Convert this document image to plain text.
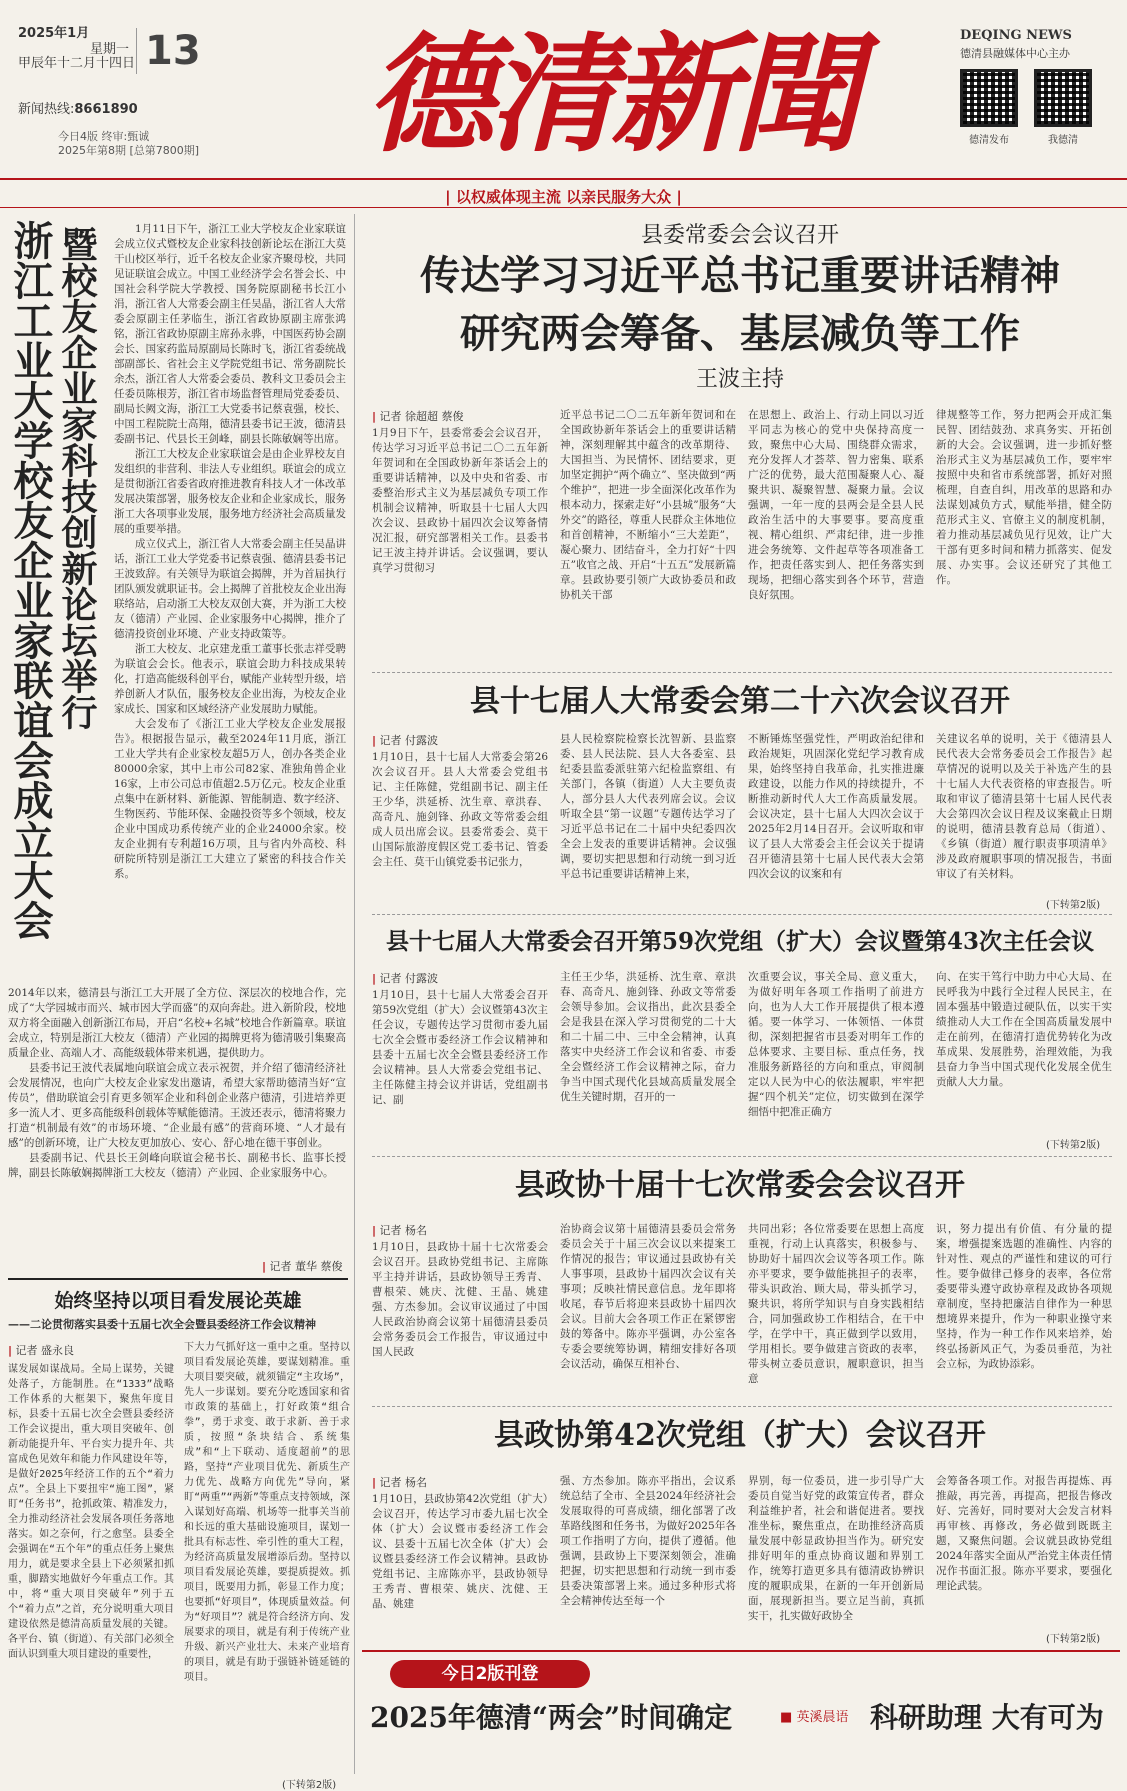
2025年1月
星期一
甲辰年十二月十四日 13
新闻热线:8661890
今日4版 终审:甄诚
2025年第8期 [总第7800期]	德清新聞	DEQING NEWS
德清县融媒体中心主办
德清发布	我德清
| 以权威体现主流 以亲民服务大众 |
浙江工业大学校友企业家联谊会成立大会 暨校友企业家科技创新论坛举行	1月11日下午，浙江工业大学校友企业家联谊会成立仪式暨校友企业家科技创新论坛在浙江大莫干山校区举行，近千名校友企业家齐聚母校，共同见证联谊会成立。中国工业经济学会名誉会长、中国社会科学院大学教授、国务院原副秘书长江小涓，浙江省人大常委会副主任吴晶，浙江省人大常委会原副主任茅临生，浙江省政协原副主席张鸿铭，浙江省政协原副主席孙永骅，中国医药协会副会长、国家药监局原副局长陈时飞，浙江省委统战部副部长、省社会主义学院党组书记、常务副院长余杰，浙江省人大常委会委员、教科文卫委员会主任委员陈根芳，浙江省市场监督管理局党委委员、副局长阙文海，浙江工大党委书记蔡袁强，校长、中国工程院院士高翔，德清县委书记王波，德清县委副书记、代县长王剑峰，副县长陈敏娴等出席。

浙江工大校友企业家联谊会是由企业界校友自发组织的非营利、非法人专业组织。联谊会的成立是贯彻浙江省委省政府推进教育科技人才一体改革发展决策部署，服务校友企业和企业家成长，服务浙工大各项事业发展，服务地方经济社会高质量发展的重要举措。

成立仪式上，浙江省人大常委会副主任吴晶讲话，浙江工业大学党委书记蔡袁强、德清县委书记王波致辞。有关领导为联谊会揭牌，并为首届执行团队颁发就职证书。会上揭牌了首批校友企业出海联络站，启动浙工大校友双创大赛，并为浙工大校友（德清）产业园、企业家服务中心揭牌，推介了德清投资创业环境、产业支持政策等。

浙工大校友、北京建龙重工董事长张志祥受聘为联谊会会长。他表示，联谊会助力科技成果转化，打造高能级科创平台，赋能产业转型升级，培养创新人才队伍，服务校友企业出海，为校友企业家成长、国家和区域经济产业发展助力赋能。

大会发布了《浙江工业大学校友企业发展报告》。根据报告显示，截至2024年11月底，浙江工业大学共有企业家校友超5万人，创办各类企业80000余家，其中上市公司82家、准独角兽企业16家，上市公司总市值超2.5万亿元。校友企业重点集中在新材料、新能源、智能制造、数字经济、生物医药、节能环保、金融投资等多个领域，校友企业中国成功系传统产业的企业24000余家。校友企业拥有专利超16万项，且与省内外高校、科研院所特别是浙江工大建立了紧密的科技合作关系。

2014年以来，德清县与浙江工大开展了全方位、深层次的校地合作，完成了“大学园城市而兴、城市因大学而盛”的双向奔赴。进入新阶段，校地双方将全面融入创新浙江布局，开启“名校+名城”校地合作新篇章。联谊会成立，特别是浙江大校友（德清）产业园的揭牌更将为德清吸引集聚高质量企业、高端人才、高能级载体带来机遇，提供助力。

县委书记王波代表属地向联谊会成立表示祝贺，并介绍了德清经济社会发展情况，也向广大校友企业家发出邀请，希望大家帮助德清当好“宣传员”，借助联谊会引育更多领军企业和科创企业落户德清，引进培养更多一流人才、更多高能级科创载体等赋能德清。王波还表示，德清将聚力打造“机制最有效”的市场环境、“企业最有感”的营商环境、“人才最有感”的创新环境，让广大校友更加放心、安心、舒心地在德干事创业。

县委副书记、代县长王剑峰向联谊会秘书长、副秘书长、监事长授牌，副县长陈敏娴揭牌浙工大校友（德清）产业园、企业家服务中心。

| 记者 董华 蔡俊
始终坚持以项目看发展论英雄
——二论贯彻落实县委十五届七次全会暨县委经济工作会议精神
| 记者 盛永良
谋发展如谋战局。全局上谋势，关键处落子，方能制胜。在“1333”战略工作体系的大框架下，聚焦年度目标，县委十五届七次全会暨县委经济工作会议提出，重大项目突破年、创新动能提升年、平台实力提升年、共富成色见效年和能力作风建设年等，是做好2025年经济工作的五个“着力点”。全县上下要扭牢“施工图”，紧盯“任务书”，抢抓政策、精准发力，全力推动经济社会发展各项任务落地落实。如之奈何，行之愈坚。县委全会强调在“五个年”的重点任务上聚焦用力，就是要求全县上下必须紧扣抓重，脚踏实地做好今年重点工作。其中，将“重大项目突破年”列于五个“着力点”之首，充分说明重大项目建设依然是德清高质量发展的关键。各平台、镇（街道）、有关部门必须全面认识到重大项目建设的重要性，
下大力气抓好这一重中之重。坚持以项目看发展论英雄，要谋划精准。重大项目要突破，就须锚定“主攻场”，先人一步谋划。要充分吃透国家和省市政策的基础上，打好政策“组合拳”，勇于求变、敢于求新、善于求质，按照“条块结合、系统集成”和“上下联动、适度超前”的思路，坚持“产业项目优先、新质生产力优先、战略方向优先”导向，紧盯“两重”“两新”等重点支持领域，深入谋划好高端、机场等一批事关当前和长远的重大基础设施项目，谋划一批具有标志性、牵引性的重大工程，为经济高质量发展增添后劲。坚持以项目看发展论英雄，要提质提效。抓项目，既要用力抓，彰显工作力度；也要抓“好项目”，体现质量效益。何为“好项目”？就是符合经济方向、发展要求的项目，就是有利于传统产业升级、新兴产业壮大、未来产业培育的项目，就是有助于强链补链延链的项目。
(下转第2版)
县委常委会会议召开
传达学习习近平总书记重要讲话精神
研究两会筹备、基层减负等工作
王波主持
| 记者 徐超超 蔡俊
1月9日下午，县委常委会会议召开，传达学习习近平总书记二〇二五年新年贺词和在全国政协新年茶话会上的重要讲话精神，以及中央和省委、市委整治形式主义为基层减负专项工作机制会议精神，听取县十七届人大四次会议、县政协十届四次会议筹备情况汇报，研究部署相关工作。县委书记王波主持并讲话。会议强调，要认真学习贯彻习
近平总书记二〇二五年新年贺词和在全国政协新年茶话会上的重要讲话精神，深刻理解其中蕴含的改革期待、大国担当、为民情怀、团结要求，更加坚定拥护“两个确立”、坚决做到“两个维护”，把进一步全面深化改革作为根本动力，探索走好“小县城”服务“大外交”的路径，尊重人民群众主体地位和首创精神，不断缩小“三大差距”，凝心聚力、团结奋斗，全力打好“十四五”收官之战、开启“十五五”发展新篇章。县政协要引领广大政协委员和政协机关干部
在思想上、政治上、行动上同以习近平同志为核心的党中央保持高度一致，聚焦中心大局、围绕群众需求，充分发挥人才荟萃、智力密集、联系广泛的优势，最大范围凝聚人心、凝聚共识、凝聚智慧、凝聚力量。会议强调，一年一度的县两会是全县人民政治生活中的大事要事。要高度重视、精心组织、严肃纪律，进一步推进会务统筹、文件起草等各项准备工作，把责任落实到人、把任务落实到现场，把细心落实到各个环节，营造良好氛围。
律规整等工作，努力把两会开成汇集民智、团结鼓劲、求真务实、开拓创新的大会。会议强调，进一步抓好整治形式主义为基层减负工作，要牢牢按照中央和省市系统部署，抓好对照梳理，自查自纠，用改革的思路和办法谋划减负方式，赋能举措，健全防范形式主义、官僚主义的制度机制，着力推动基层减负见行见效，让广大干部有更多时间和精力抓落实、促发展、办实事。会议还研究了其他工作。
县十七届人大常委会第二十六次会议召开
| 记者 付露波
1月10日，县十七届人大常委会第26次会议召开。县人大常委会党组书记、主任陈健，党组副书记、副主任王少华，洪延桥、沈生章、章洪春、高奇凡、施剑锋、孙政文等常委会组成人员出席会议。县委常委会、莫干山国际旅游度假区党工委书记、管委会主任、莫干山镇党委书记张力，
县人民检察院检察长沈智新、县监察委、县人民法院、县人大各委室、县纪委县监委派驻第六纪检监察组、有关部门，各镇（街道）人大主要负责人，部分县人大代表列席会议。会议听取全县“第一议题”专题传达学习了习近平总书记在二十届中央纪委四次全会上发表的重要讲话精神。会议强调，要切实把思想和行动统一到习近平总书记重要讲话精神上来，
不断锤炼坚强党性，严明政治纪律和政治规矩，巩固深化党纪学习教育成果，始终坚持自我革命，扎实推进廉政建设，以能力作风的持续提升，不断推动新时代人大工作高质量发展。会议决定，县十七届人大四次会议于2025年2月14日召开。会议听取和审议了县人大常委会主任会议关于提请召开德清县第十七届人民代表大会第四次会议的议案和有
关建议名单的说明，关于《德清县人民代表大会常务委员会工作报告》起草情况的说明以及关于补选产生的县十七届人大代表资格的审查报告。听取和审议了德清县第十七届人民代表大会第四次会议日程及议案截止日期的说明，德清县教育总局（街道）、《乡镇（街道）履行职责事项清单》涉及政府履职事项的情况报告，书面审议了有关材料。
(下转第2版)
县十七届人大常委会召开第59次党组（扩大）会议暨第43次主任会议
| 记者 付露波
1月10日，县十七届人大常委会召开第59次党组（扩大）会议暨第43次主任会议，专题传达学习贯彻市委九届七次全会暨市委经济工作会议精神和县委十五届七次全会暨县委经济工作会议精神。县人大常委会党组书记、主任陈健主持会议并讲话，党组副书记、副
主任王少华，洪延桥、沈生章、章洪春、高奇凡、施剑锋、孙政文等常委会领导参加。会议指出，此次县委全会是我县在深入学习贯彻党的二十大和二十届二中、三中全会精神，认真落实中央经济工作会议和省委、市委全会暨经济工作会议精神之际，奋力争当中国式现代化县域高质量发展全优生关键时期，召开的一
次重要会议，事关全局、意义重大，为做好明年各项工作指明了前进方向，也为人大工作开展提供了根本遵循。要一体学习、一体领悟、一体贯彻，深刻把握省市县委对明年工作的总体要求、主要目标、重点任务，找准服务新路径的方向和重点，审阅制定以人民为中心的依法履职，牢牢把握“四个机关”定位，切实做到在深学细悟中把准正确方
向、在实干笃行中助力中心大局、在民呼我为中践行全过程人民民主，在固本强基中锻造过硬队伍，以实干实绩推动人大工作在全国高质量发展中走在前列，在德清打造优势转化为改革成果、发展胜势，治理效能，为我县奋力争当中国式现代化发展全优生贡献人大力量。
(下转第2版)
县政协十届十七次常委会会议召开
| 记者 杨名
1月10日，县政协十届十七次常委会会议召开。县政协党组书记、主席陈平主持并讲话，县政协领导王秀青、曹根荣、姚庆、沈健、王晶、姚建强、方杰参加。会议审议通过了中国人民政治协商会议第十届德清县委员会常务委员会工作报告，审议通过中国人民政
治协商会议第十届德清县委员会常务委员会关于十届三次会议以来提案工作情况的报告；审议通过县政协有关人事事项，县政协十届四次会议有关事项；反映社情民意信息。龙年即将收尾，春节后将迎来县政协十届四次会议。目前大会各项工作正在紧锣密鼓的筹备中。陈亦平强调，办公室各专委会要统筹协调，精细安排好各项会议活动，确保互相补台、
共同出彩；各位常委要在思想上高度重视，行动上认真落实，积极参与、协助好十届四次会议等各项工作。陈亦平要求，要争做能挑担子的表率，带头识政治、顾大局，带头抓学习，聚共识，将所学知识与自身实践相结合，同加强政协工作相结合，在干中学，在学中干，真正做到学以致用，学用相长。要争做建言资政的表率，带头树立委员意识，履职意识，担当意
识，努力提出有价值、有分量的提案，增强提案选题的准确性、内容的针对性、观点的严谨性和建议的可行性。要争做律己修身的表率，各位常委要带头遵守政协章程及政协各项规章制度，坚持把廉洁自律作为一种思想境界来提升，作为一种职业操守来坚持，作为一种工作作风来培养，始终弘扬新风正气，为委员垂范，为社会立标，为政协添彩。
县政协第42次党组（扩大）会议召开
| 记者 杨名
1月10日，县政协第42次党组（扩大）会议召开，传达学习市委九届七次全体（扩大）会议暨市委经济工作会议、县委十五届七次全体（扩大）会议暨县委经济工作会议精神。县政协党组书记、主席陈亦平，县政协领导王秀青、曹根荣、姚庆、沈健、王晶、姚建
强、方杰参加。陈亦平指出，会议系统总结了全市、全县2024年经济社会发展取得的可喜成绩，细化部署了改革路线图和任务书，为做好2025年各项工作指明了方向，提供了遵循。他强调，县政协上下要深刻领会，准确把握，切实把思想和行动统一到市委县委决策部署上来。通过多种形式将全会精神传达至每一个
界别，每一位委员，进一步引导广大委员自觉当好党的政策宣传者，群众利益维护者，社会和谐促进者。要找准坐标，聚焦重点，在助推经济高质量发展中彰显政协担当作为。研究安排好明年的重点协商议题和界别工作，统筹打造更多具有德清政协辨识度的履职成果，在新的一年开创新局面，展现新担当。要立足当前，真抓实干，扎实做好政协全
会筹备各项工作。对报告再提炼、再推敲，再完善，再提高，把报告修改好、完善好，同时要对大会发言材料再审核、再修改，务必做到既既主题，又聚焦问题。会议就县政协党组2024年落实全面从严治党主体责任情况作书面汇报。陈亦平要求，要强化理论武装。
(下转第2版)
今日2版刊登
2025年德清“两会”时间确定	■ 英溪晨语 科研助理 大有可为
